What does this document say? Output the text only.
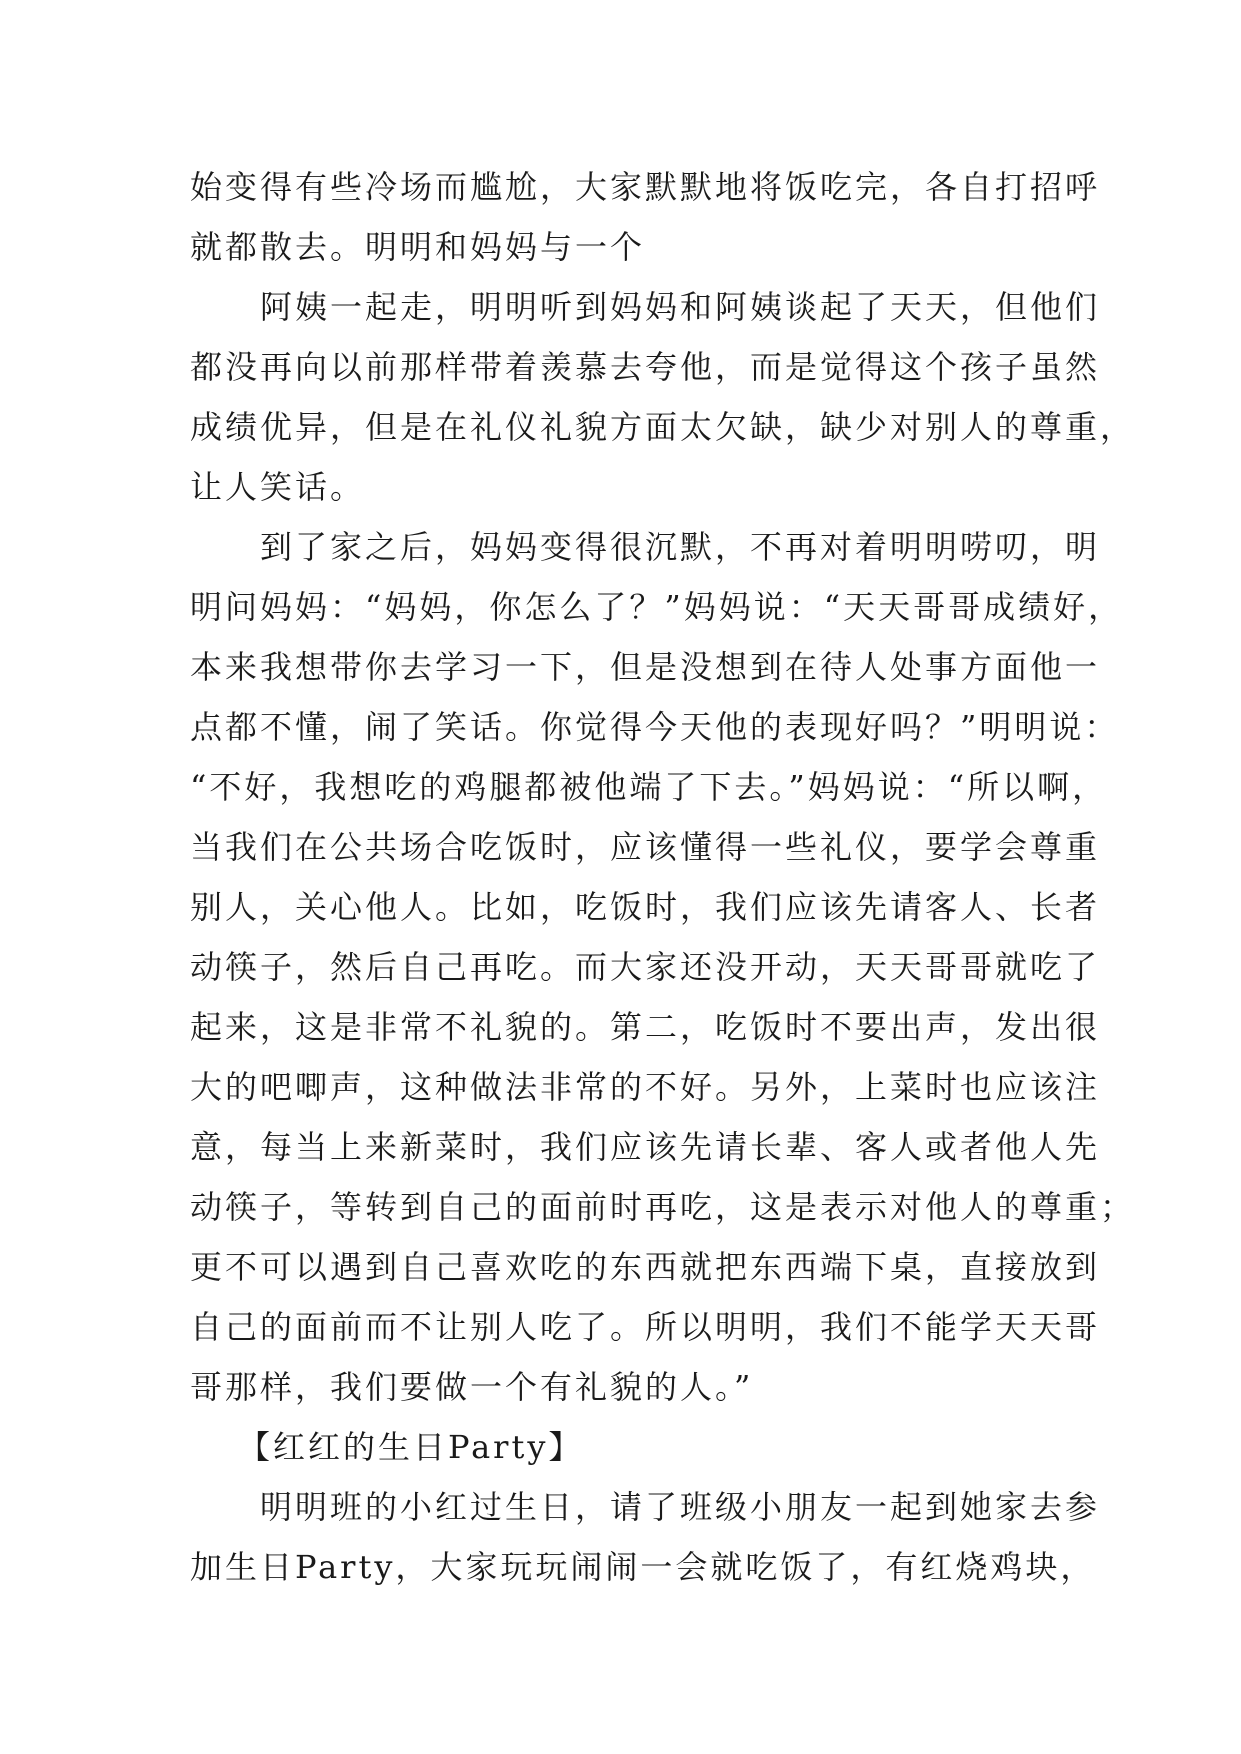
始变得有些冷场而尴尬，大家默默地将饭吃完，各自打招呼
就都散去。明明和妈妈与一个

阿姨一起走，明明听到妈妈和阿姨谈起了天天，但他们
都没再向以前那样带着羡慕去夸他，而是觉得这个孩子虽然
成绩优异，但是在礼仪礼貌方面太欠缺，缺少对别人的尊重，
让人笑话。

到了家之后，妈妈变得很沉默，不再对着明明唠叨，明
明问妈妈：“妈妈，你怎么了？”妈妈说：“天天哥哥成绩好，
本来我想带你去学习一下，但是没想到在待人处事方面他一
点都不懂，闹了笑话。你觉得今天他的表现好吗？”明明说：
“不好，我想吃的鸡腿都被他端了下去。”妈妈说：“所以啊，
当我们在公共场合吃饭时，应该懂得一些礼仪，要学会尊重
别人，关心他人。比如，吃饭时，我们应该先请客人、长者
动筷子，然后自己再吃。而大家还没开动，天天哥哥就吃了
起来，这是非常不礼貌的。第二，吃饭时不要出声，发出很
大的吧唧声，这种做法非常的不好。另外，上菜时也应该注
意，每当上来新菜时，我们应该先请长辈、客人或者他人先
动筷子，等转到自己的面前时再吃，这是表示对他人的尊重；
更不可以遇到自己喜欢吃的东西就把东西端下桌，直接放到
自己的面前而不让别人吃了。所以明明，我们不能学天天哥
哥那样，我们要做一个有礼貌的人。”

【红红的生日Party】

明明班的小红过生日，请了班级小朋友一起到她家去参
加生日Party，大家玩玩闹闹一会就吃饭了，有红烧鸡块，
